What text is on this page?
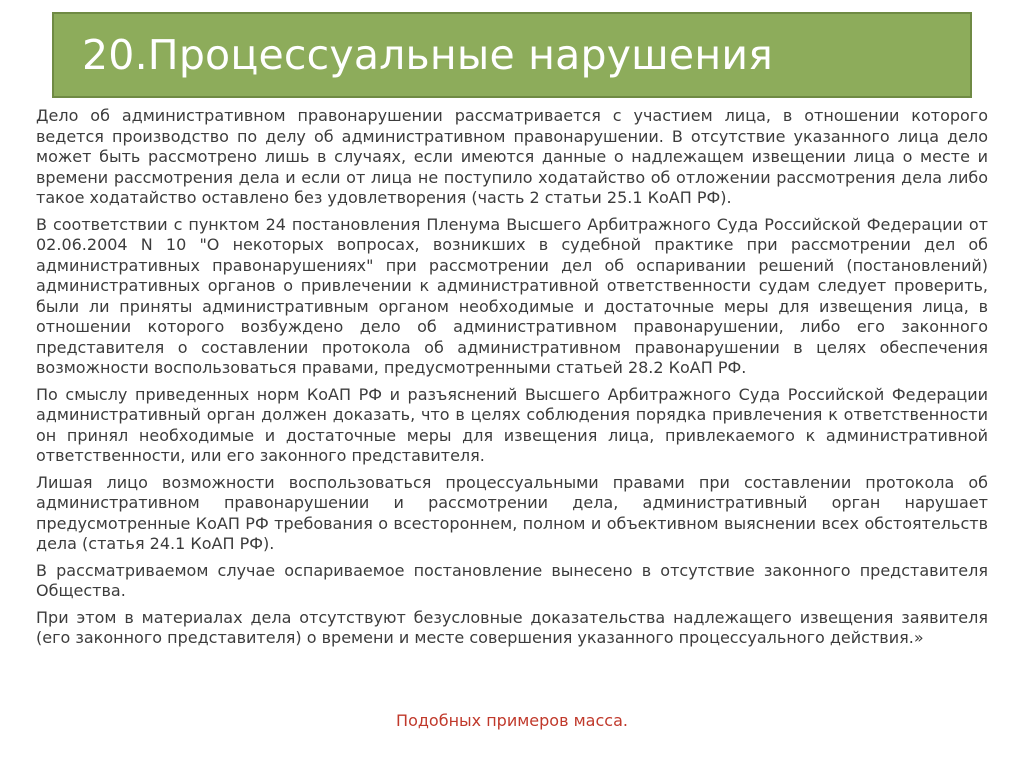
20.Процессуальные нарушения

Дело об административном правонарушении рассматривается с участием лица, в отношении которого ведется производство по делу об административном правонарушении. В отсутствие указанного лица дело может быть рассмотрено лишь в случаях, если имеются данные о надлежащем извещении лица о месте и времени рассмотрения дела и если от лица не поступило ходатайство об отложении рассмотрения дела либо такое ходатайство оставлено без удовлетворения (часть 2 статьи 25.1 КоАП РФ).

В соответствии с пунктом 24 постановления Пленума Высшего Арбитражного Суда Российской Федерации от 02.06.2004 N 10 "О некоторых вопросах, возникших в судебной практике при рассмотрении дел об административных правонарушениях" при рассмотрении дел об оспаривании решений (постановлений) административных органов о привлечении к административной ответственности судам следует проверить, были ли приняты административным органом необходимые и достаточные меры для извещения лица, в отношении которого возбуждено дело об административном правонарушении, либо его законного представителя о составлении протокола об административном правонарушении в целях обеспечения возможности воспользоваться правами, предусмотренными статьей 28.2 КоАП РФ.

По смыслу приведенных норм КоАП РФ и разъяснений Высшего Арбитражного Суда Российской Федерации административный орган должен доказать, что в целях соблюдения порядка привлечения к ответственности он принял необходимые и достаточные меры для извещения лица, привлекаемого к административной ответственности, или его законного представителя.

Лишая лицо возможности воспользоваться процессуальными правами при составлении протокола об административном правонарушении и рассмотрении дела, административный орган нарушает предусмотренные КоАП РФ требования о всестороннем, полном и объективном выяснении всех обстоятельств дела (статья 24.1 КоАП РФ).

В рассматриваемом случае оспариваемое постановление вынесено в отсутствие законного представителя Общества.

При этом в материалах дела отсутствуют безусловные доказательства надлежащего извещения заявителя (его законного представителя) о времени и месте совершения указанного процессуального действия.»

Подобных примеров масса.
